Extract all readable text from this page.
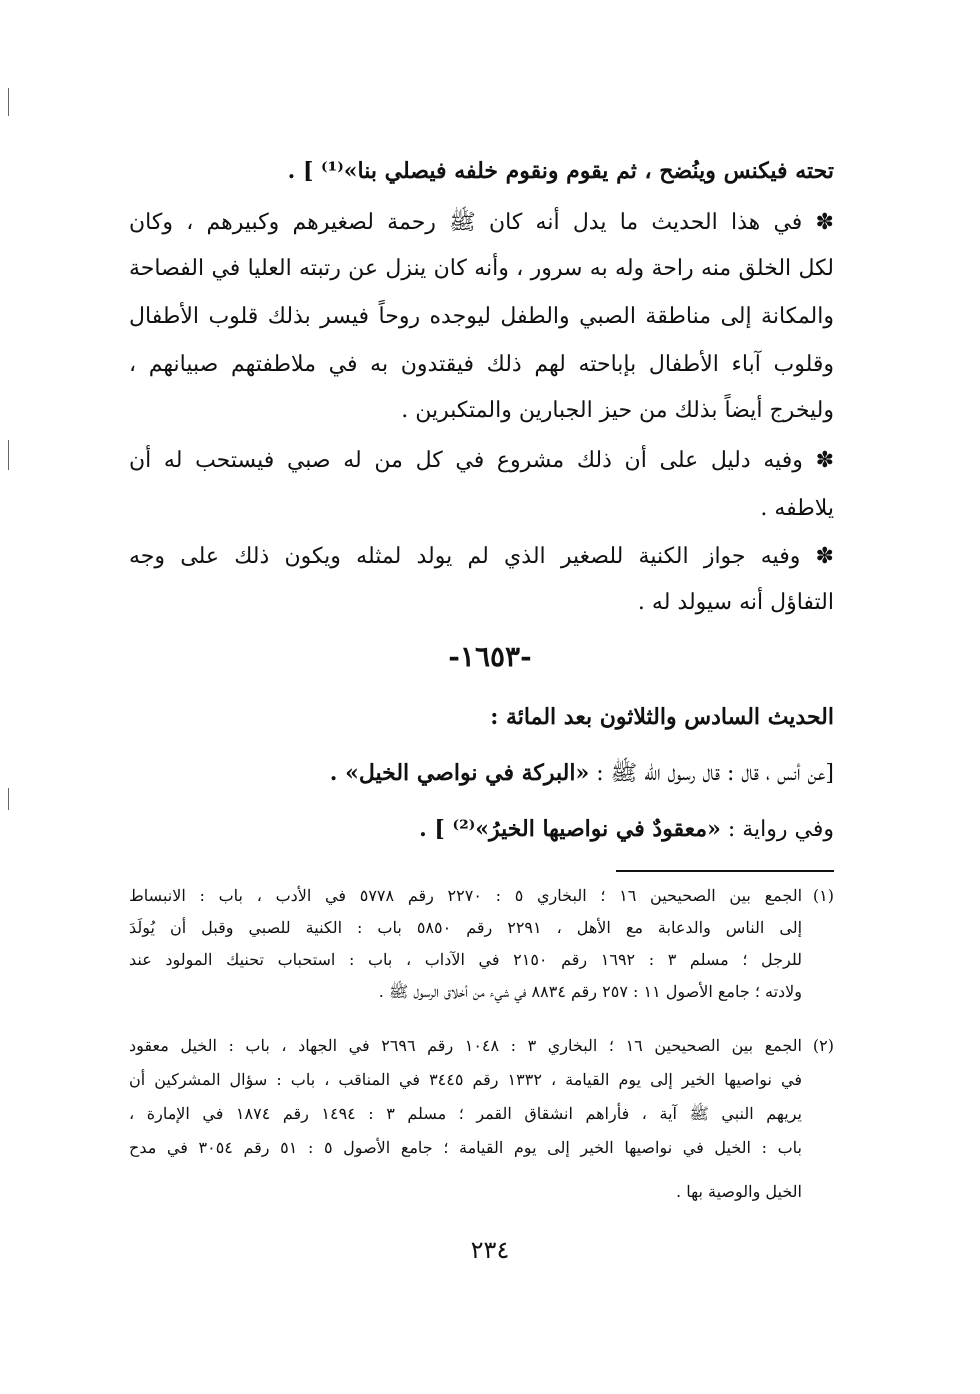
تحته فيكنس وينُضح ، ثم يقوم ونقوم خلفه فيصلي بنا»⁽¹⁾ ] .
✽ في هذا الحديث ما يدل أنه كان ﷺ رحمة لصغيرهم وكبيرهم ، وكان
لكل الخلق منه راحة وله به سرور ، وأنه كان ينزل عن رتبته العليا في الفصاحة
والمكانة إلى مناطقة الصبي والطفل ليوجده روحاً فيسر بذلك قلوب الأطفال
وقلوب آباء الأطفال بإباحته لهم ذلك فيقتدون به في ملاطفتهم صبيانهم ،
وليخرج أيضاً بذلك من حيز الجبارين والمتكبرين .
✽ وفيه دليل على أن ذلك مشروع في كل من له صبي فيستحب له أن
يلاطفه .
✽ وفيه جواز الكنية للصغير الذي لم يولد لمثله ويكون ذلك على وجه
التفاؤل أنه سيولد له .
-١٦٥٣-
الحديث السادس والثلاثون بعد المائة :
[عن أنس ، قال : قال رسول الله ﷺ : «البركة في نواصي الخيل» .
وفي رواية : «معقودٌ في نواصيها الخيرُ»⁽²⁾ ] .
(١)
الجمع بين الصحيحين ١٦ ؛ البخاري ٥ : ٢٢٧٠ رقم ٥٧٧٨ في الأدب ، باب : الانبساط
إلى الناس والدعابة مع الأهل ، ٢٢٩١ رقم ٥٨٥٠ باب : الكنية للصبي وقبل أن يُولَدَ
للرجل ؛ مسلم ٣ : ١٦٩٢ رقم ٢١٥٠ في الآداب ، باب : استحباب تحنيك المولود عند
ولادته ؛ جامع الأصول ١١ : ٢٥٧ رقم ٨٨٣٤ في شيء من أخلاق الرسول ﷺ .
(٢)
الجمع بين الصحيحين ١٦ ؛ البخاري ٣ : ١٠٤٨ رقم ٢٦٩٦ في الجهاد ، باب : الخيل معقود
في نواصيها الخير إلى يوم القيامة ، ١٣٣٢ رقم ٣٤٤٥ في المناقب ، باب : سؤال المشركين أن
يريهم النبي ﷺ آية ، فأراهم انشقاق القمر ؛ مسلم ٣ : ١٤٩٤ رقم ١٨٧٤ في الإمارة ،
باب : الخيل في نواصيها الخير إلى يوم القيامة ؛ جامع الأصول ٥ : ٥١ رقم ٣٠٥٤ في مدح
الخيل والوصية بها .
٢٣٤
